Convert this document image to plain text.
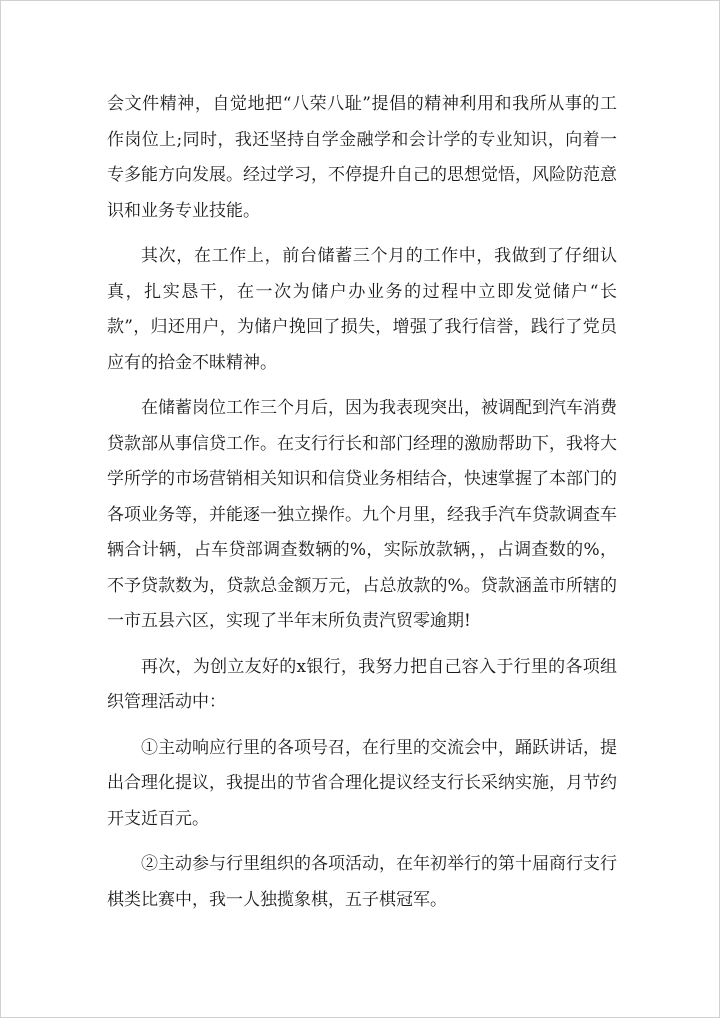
会文件精神，自觉地把“八荣八耻”提倡的精神利用和我所从事的工作岗位上;同时，我还坚持自学金融学和会计学的专业知识，向着一专多能方向发展。经过学习，不停提升自己的思想觉悟，风险防范意识和业务专业技能。

其次，在工作上，前台储蓄三个月的工作中，我做到了仔细认真，扎实恳干，在一次为储户办业务的过程中立即发觉储户“长款”，归还用户，为储户挽回了损失，增强了我行信誉，践行了党员应有的拾金不昧精神。

在储蓄岗位工作三个月后，因为我表现突出，被调配到汽车消费贷款部从事信贷工作。在支行行长和部门经理的激励帮助下，我将大学所学的市场营销相关知识和信贷业务相结合，快速掌握了本部门的各项业务等，并能逐一独立操作。九个月里，经我手汽车贷款调查车辆合计辆，占车贷部调查数辆的%，实际放款辆，，占调查数的%，不予贷款数为，贷款总金额万元，占总放款的%。贷款涵盖市所辖的一市五县六区，实现了半年末所负责汽贸零逾期!

再次，为创立友好的x银行，我努力把自己容入于行里的各项组织管理活动中：

①主动响应行里的各项号召，在行里的交流会中，踊跃讲话，提出合理化提议，我提出的节省合理化提议经支行长采纳实施，月节约开支近百元。

②主动参与行里组织的各项活动，在年初举行的第十届商行支行棋类比赛中，我一人独揽象棋，五子棋冠军。
